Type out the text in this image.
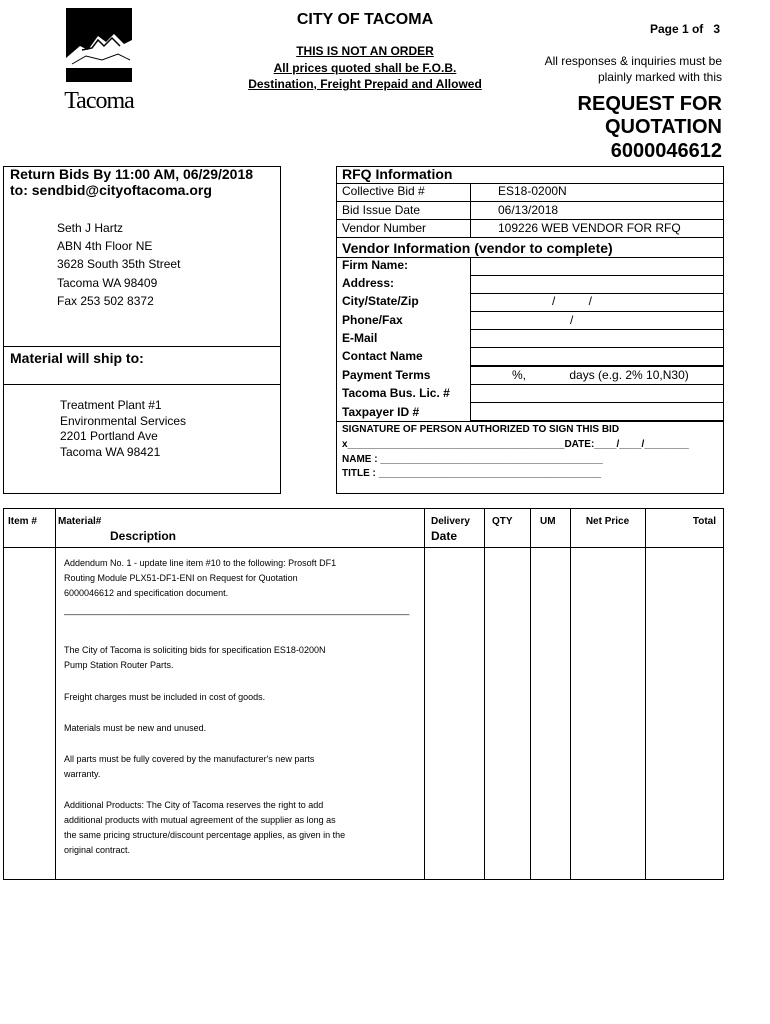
Tacoma
CITY OF TACOMA
THIS IS NOT AN ORDER
All prices quoted shall be F.O.B.
Destination, Freight Prepaid and Allowed
Page 1 of 3
All responses & inquiries must be
plainly marked with this
REQUEST FOR
QUOTATION
6000046612
Return Bids By 11:00 AM, 06/29/2018
to: sendbid@cityoftacoma.org
Seth J Hartz
ABN 4th Floor NE
3628 South 35th Street
Tacoma WA 98409
Fax 253 502 8372
Material will ship to:
Treatment Plant #1
Environmental Services
2201 Portland Ave
Tacoma WA 98421
RFQ Information
Collective Bid #	ES18-0200N
Bid Issue Date	06/13/2018
Vendor Number	109226 WEB VENDOR FOR RFQ
Vendor Information (vendor to complete)
Firm Name:
Address:
City/State/Zip	/          /
Phone/Fax	/
E-Mail
Contact Name
Payment Terms	%,             days (e.g. 2% 10,N30)
Tacoma Bus. Lic. #
Taxpayer ID #
SIGNATURE OF PERSON AUTHORIZED TO SIGN THIS BID
x_______________________________________DATE:____/____/________
NAME : ________________________________________
TITLE : ________________________________________
Item # Material#
Description
Delivery
Date
QTY	UM	Net Price	Total
Addendum No. 1 - update line item #10 to the following: Prosoft DF1
Routing Module PLX51-DF1-ENI on Request for Quotation
6000046612 and specification document.
_____________________________________________________________________
The City of Tacoma is soliciting bids for specification ES18-0200N
Pump Station Router Parts.
Freight charges must be included in cost of goods.
Materials must be new and unused.
All parts must be fully covered by the manufacturer's new parts
warranty.
Additional Products: The City of Tacoma reserves the right to add
additional products with mutual agreement of the supplier as long as
the same pricing structure/discount percentage applies, as given in the
original contract.
